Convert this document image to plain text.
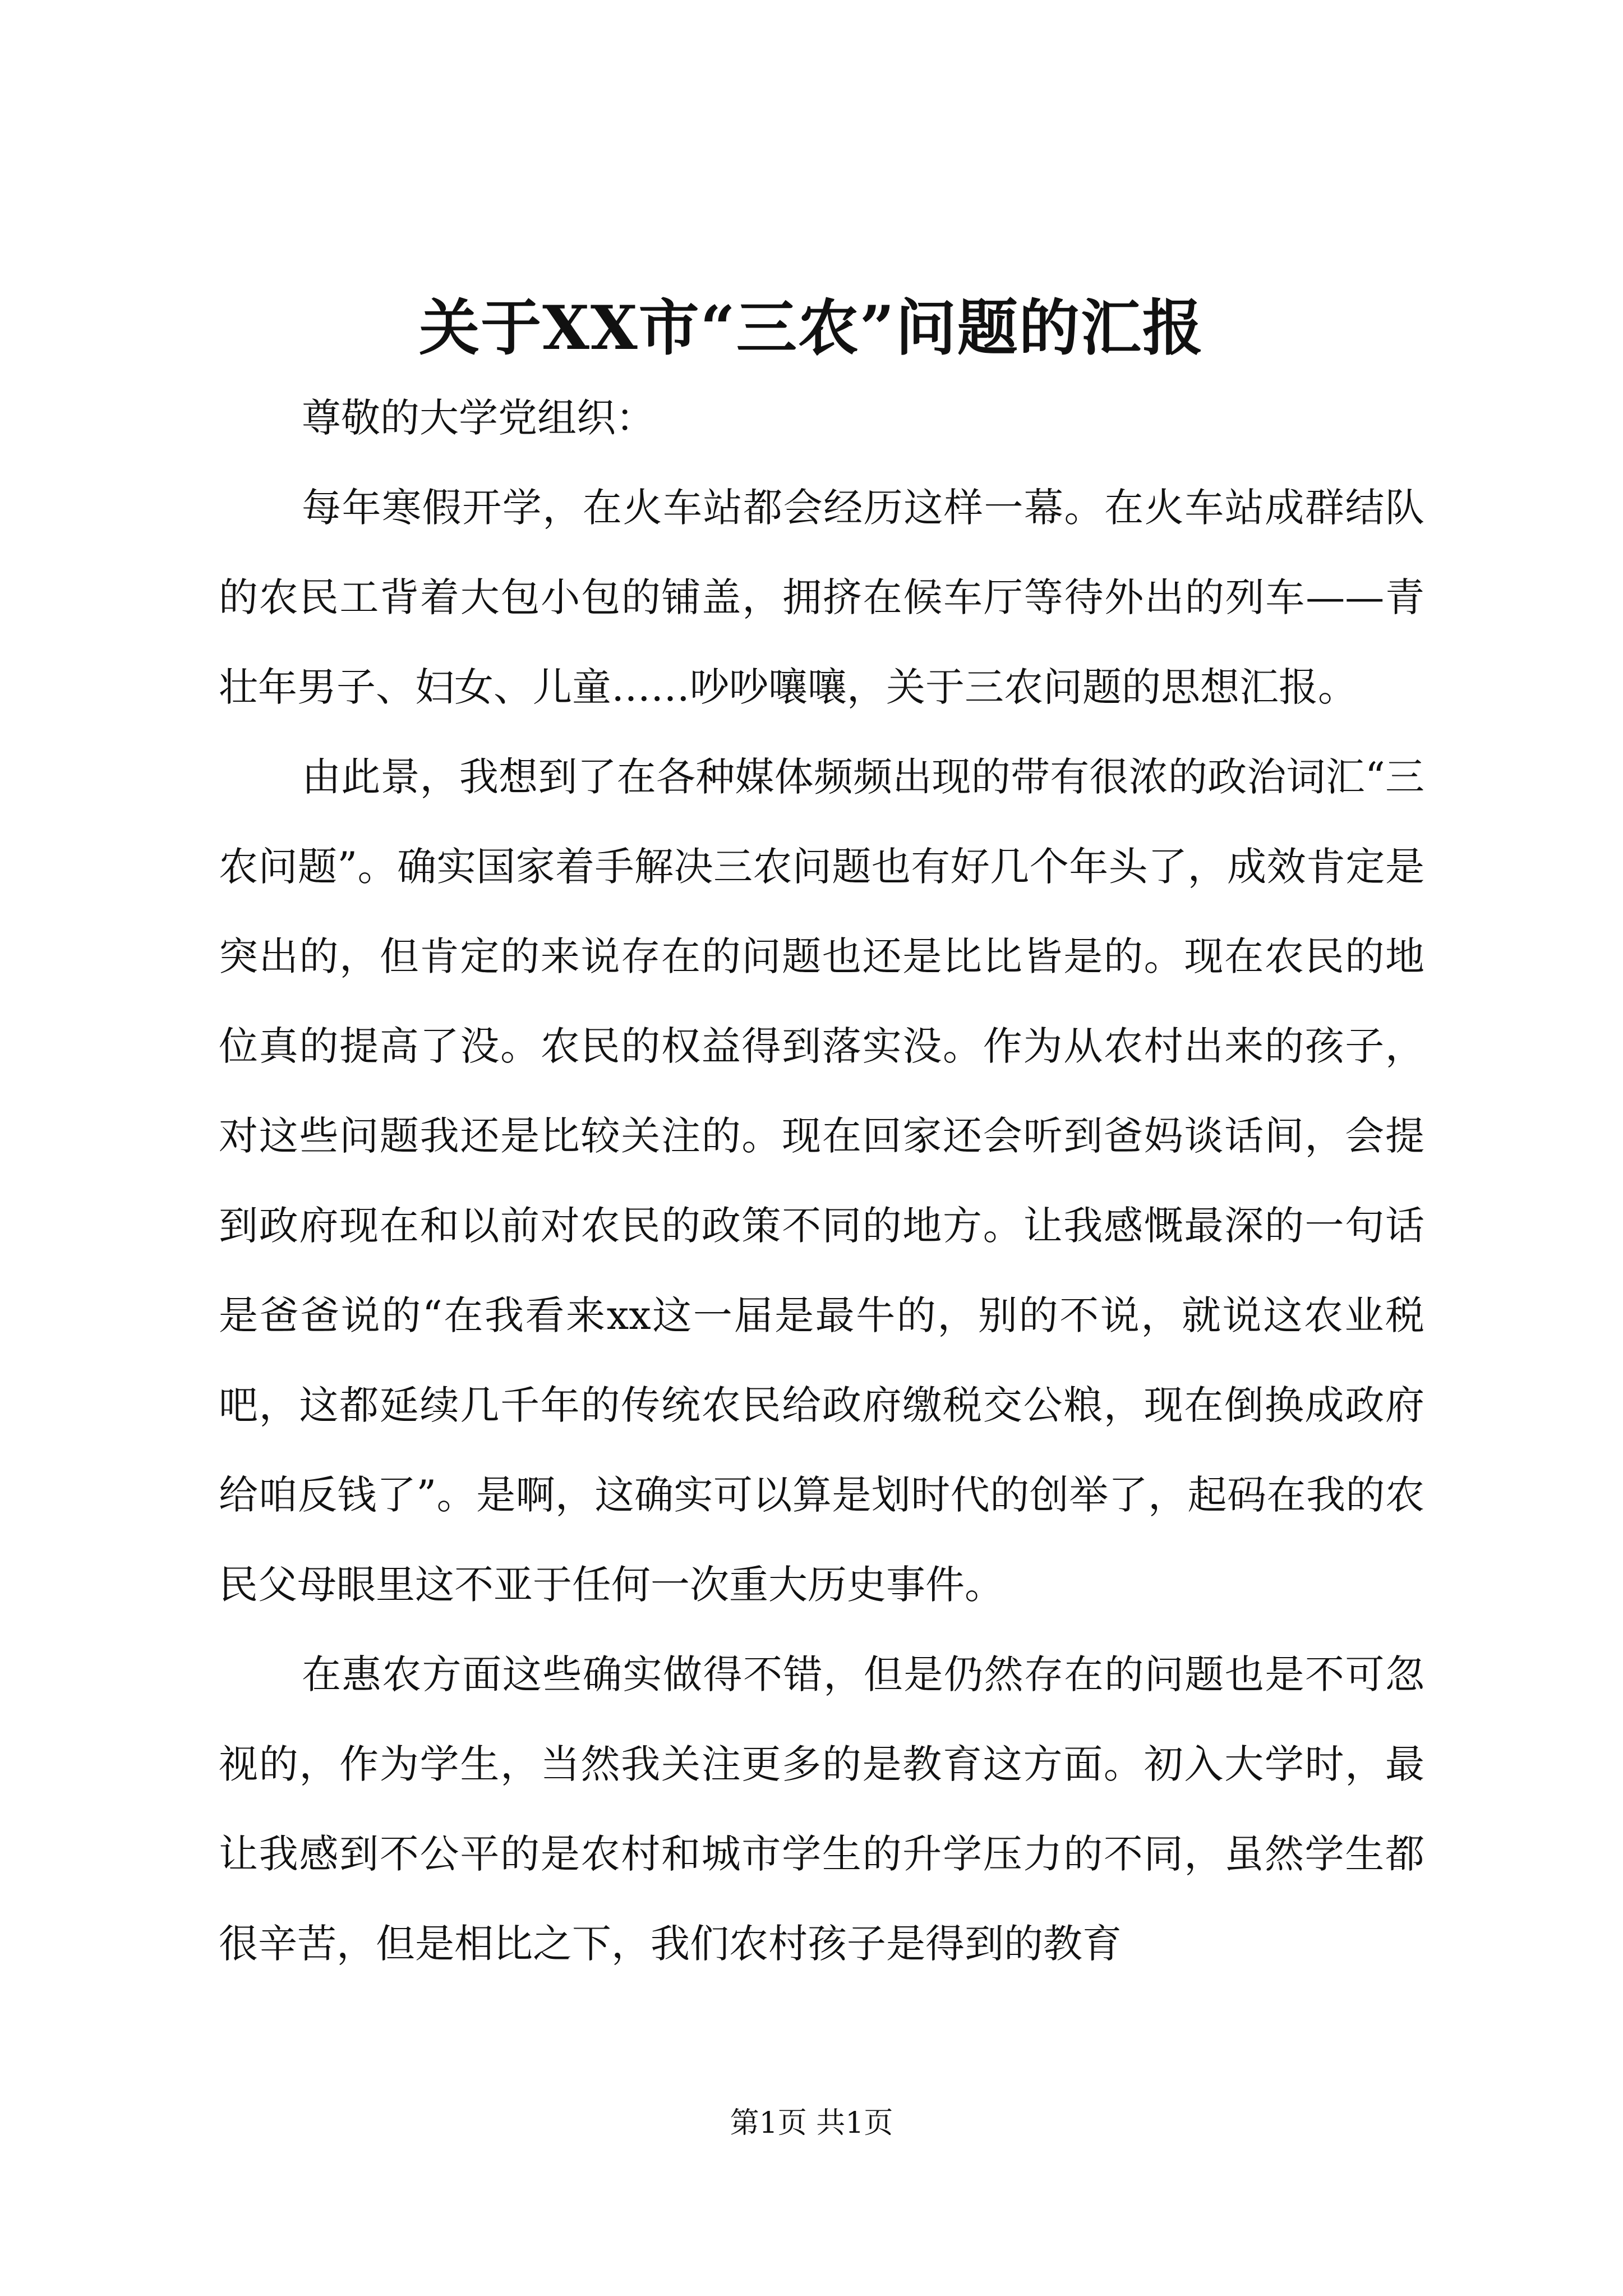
关于XX市“三农”问题的汇报

尊敬的大学党组织：

每年寒假开学，在火车站都会经历这样一幕。在火车站成群结队的农民工背着大包小包的铺盖，拥挤在候车厅等待外出的列车——青壮年男子、妇女、儿童……吵吵嚷嚷，关于三农问题的思想汇报。

由此景，我想到了在各种媒体频频出现的带有很浓的政治词汇“三农问题”。确实国家着手解决三农问题也有好几个年头了，成效肯定是突出的，但肯定的来说存在的问题也还是比比皆是的。现在农民的地位真的提高了没。农民的权益得到落实没。作为从农村出来的孩子，对这些问题我还是比较关注的。现在回家还会听到爸妈谈话间，会提到政府现在和以前对农民的政策不同的地方。让我感慨最深的一句话是爸爸说的“在我看来xx这一届是最牛的，别的不说，就说这农业税吧，这都延续几千年的传统农民给政府缴税交公粮，现在倒换成政府给咱反钱了”。是啊，这确实可以算是划时代的创举了，起码在我的农民父母眼里这不亚于任何一次重大历史事件。

在惠农方面这些确实做得不错，但是仍然存在的问题也是不可忽视的，作为学生，当然我关注更多的是教育这方面。初入大学时，最让我感到不公平的是农村和城市学生的升学压力的不同，虽然学生都很辛苦，但是相比之下，我们农村孩子是得到的教育

第1页 共1页
